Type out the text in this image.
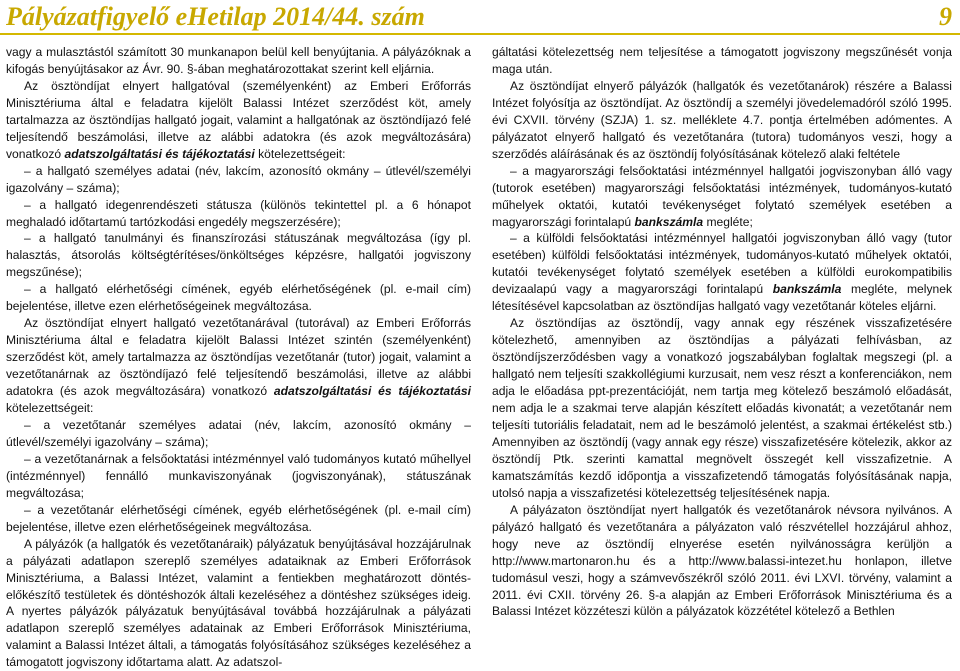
Pályázatfigyelő eHetilap 2014/44. szám	9

vagy a mulasztástól számított 30 munkanapon belül kell benyújtania. A pályázóknak a kifogás benyújtásakor az Ávr. 90. §-ában meghatározottakat szerint kell eljárnia.

Az ösztöndíjat elnyert hallgatóval (személyenként) az Emberi Erőforrás Minisztériuma által e feladatra kijelölt Balassi Intézet szerződést köt, amely tartalmazza az ösztöndíjas hallgató jogait, valamint a hallgatónak az ösztöndíjazó felé teljesítendő beszámolási, illetve az alábbi adatokra (és azok megváltozására) vonatkozó adatszolgáltatási és tájékoztatási kötelezettségeit:

– a hallgató személyes adatai (név, lakcím, azonosító okmány – útlevél/személyi igazolvány – száma);

– a hallgató idegenrendészeti státusza (különös tekintettel pl. a 6 hónapot meghaladó időtartamú tartózkodási engedély megszerzésére);

– a hallgató tanulmányi és finanszírozási státuszának megváltozása (így pl. halasztás, átsorolás költségtérítéses/önköltséges képzésre, hallgatói jogviszony megszűnése);

– a hallgató elérhetőségi címének, egyéb elérhetőségének (pl. e-mail cím) bejelentése, illetve ezen elérhetőségeinek megváltozása.

Az ösztöndíjat elnyert hallgató vezetőtanárával (tutorával) az Emberi Erőforrás Minisztériuma által e feladatra kijelölt Balassi Intézet szintén (személyenként) szerződést köt, amely tartalmazza az ösztöndíjas vezetőtanár (tutor) jogait, valamint a vezetőtanárnak az ösztöndíjazó felé teljesítendő beszámolási, illetve az alábbi adatokra (és azok megváltozására) vonatkozó adatszolgáltatási és tájékoztatási kötelezettségeit:

– a vezetőtanár személyes adatai (név, lakcím, azonosító okmány – útlevél/személyi igazolvány – száma);

– a vezetőtanárnak a felsőoktatási intézménnyel való tudományos kutató műhellyel (intézménnyel) fennálló munkaviszonyának (jogviszonyának), státuszának megváltozása;

– a vezetőtanár elérhetőségi címének, egyéb elérhetőségének (pl. e-mail cím) bejelentése, illetve ezen elérhetőségeinek megváltozása.

A pályázók (a hallgatók és vezetőtanáraik) pályázatuk benyújtásával hozzájárulnak a pályázati adatlapon szereplő személyes adataiknak az Emberi Erőforrások Minisztériuma, a Balassi Intézet, valamint a fentiekben meghatározott döntés-előkészítő testületek és döntéshozók általi kezeléséhez a döntéshez szükséges ideig. A nyertes pályázók pályázatuk benyújtásával továbbá hozzájárulnak a pályázati adatlapon szereplő személyes adatainak az Emberi Erőforrások Minisztériuma, valamint a Balassi Intézet általi, a támogatás folyósításához szükséges kezeléséhez a támogatott jogviszony időtartama alatt. Az adatszol-

gáltatási kötelezettség nem teljesítése a támogatott jogviszony megszűnését vonja maga után.

Az ösztöndíjat elnyerő pályázók (hallgatók és vezetőtanárok) részére a Balassi Intézet folyósítja az ösztöndíjat. Az ösztöndíj a személyi jövedelemadóról szóló 1995. évi CXVII. törvény (SZJA) 1. sz. melléklete 4.7. pontja értelmében adómentes. A pályázatot elnyerő hallgató és vezetőtanára (tutora) tudományos veszi, hogy a szerződés aláírásának és az ösztöndíj folyósításának kötelező alaki feltétele

– a magyarországi felsőoktatási intézménnyel hallgatói jogviszonyban álló vagy (tutorok esetében) magyarországi felsőoktatási intézmények, tudományos-kutató műhelyek oktatói, kutatói tevékenységet folytató személyek esetében a magyarországi forintalapú bankszámla megléte;

– a külföldi felsőoktatási intézménnyel hallgatói jogviszonyban álló vagy (tutor esetében) külföldi felsőoktatási intézmények, tudományos-kutató műhelyek oktatói, kutatói tevékenységet folytató személyek esetében a külföldi eurokompatibilis devizaalapú vagy a magyarországi forintalapú bankszámla megléte, melynek létesítésével kapcsolatban az ösztöndíjas hallgató vagy vezetőtanár köteles eljárni.

Az ösztöndíjas az ösztöndíj, vagy annak egy részének visszafizetésére kötelezhető, amennyiben az ösztöndíjas a pályázati felhívásban, az ösztöndíjszerződésben vagy a vonatkozó jogszabályban foglaltak megszegi (pl. a hallgató nem teljesíti szakkollégiumi kurzusait, nem vesz részt a konferenciákon, nem adja le előadása ppt-prezentációját, nem tartja meg kötelező beszámoló előadását, nem adja le a szakmai terve alapján készített előadás kivonatát; a vezetőtanár nem teljesíti tutoriális feladatait, nem ad le beszámoló jelentést, a szakmai értékelést stb.) Amennyiben az ösztöndíj (vagy annak egy része) visszafizetésére kötelezik, akkor az ösztöndíj Ptk. szerinti kamattal megnövelt összegét kell visszafizetnie. A kamatszámítás kezdő időpontja a visszafizetendő támogatás folyósításának napja, utolsó napja a visszafizetési kötelezettség teljesítésének napja.

A pályázaton ösztöndíjat nyert hallgatók és vezetőtanárok névsora nyilvános. A pályázó hallgató és vezetőtanára a pályázaton való részvétellel hozzájárul ahhoz, hogy neve az ösztöndíj elnyerése esetén nyilvánosságra kerüljön a http://www.martonaron.hu és a http://www.balassi-intezet.hu honlapon, illetve tudomásul veszi, hogy a számvevőszékről szóló 2011. évi LXVI. törvény, valamint a 2011. évi CXII. törvény 26. §-a alapján az Emberi Erőforrások Minisztériuma és a Balassi Intézet közzéteszi külön a pályázatok közzététel kötelező a Bethlen
